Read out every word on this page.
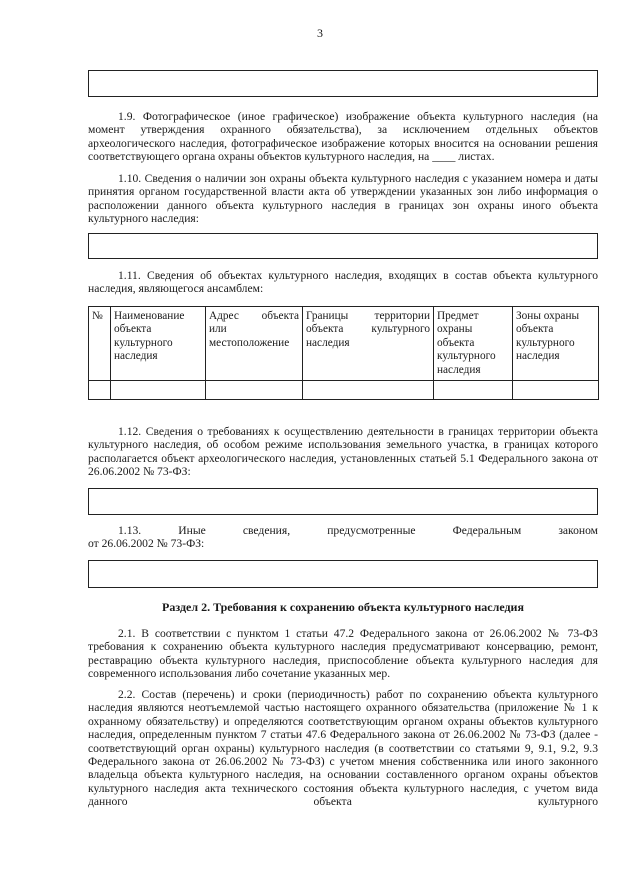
3

1.9. Фотографическое (иное графическое) изображение объекта культурного наследия (на момент утверждения охранного обязательства), за исключением отдельных объектов археологического наследия, фотографическое изображение которых вносится на основании решения соответствующего органа охраны объектов культурного наследия, на ____ листах.

1.10. Сведения о наличии зон охраны объекта культурного наследия с указанием номера и даты принятия органом государственной власти акта об утверждении указанных зон либо информация о расположении данного объекта культурного наследия в границах зон охраны иного объекта культурного наследия:

1.11. Сведения об объектах культурного наследия, входящих в состав объекта культурного наследия, являющегося ансамблем:

№	Наименование объекта культурного наследия	Адрес объекта или местоположение	Границы территории объекта культурного наследия	Предмет охраны объекта культурного наследия	Зоны охраны объекта культурного наследия

1.12. Сведения о требованиях к осуществлению деятельности в границах территории объекта культурного наследия, об особом режиме использования земельного участка, в границах которого располагается объект археологического наследия, установленных статьей 5.1 Федерального закона от 26.06.2002 № 73-ФЗ:

1.13. Иные сведения, предусмотренные Федеральным законом

от 26.06.2002 № 73-ФЗ:

Раздел 2. Требования к сохранению объекта культурного наследия

2.1. В соответствии с пунктом 1 статьи 47.2 Федерального закона от 26.06.2002 № 73-ФЗ требования к сохранению объекта культурного наследия предусматривают консервацию, ремонт, реставрацию объекта культурного наследия, приспособление объекта культурного наследия для современного использования либо сочетание указанных мер.

2.2. Состав (перечень) и сроки (периодичность) работ по сохранению объекта культурного наследия являются неотъемлемой частью настоящего охранного обязательства (приложение № 1 к охранному обязательству) и определяются соответствующим органом охраны объектов культурного наследия, определенным пунктом 7 статьи 47.6 Федерального закона от 26.06.2002 № 73-ФЗ (далее - соответствующий орган охраны) культурного наследия (в соответствии со статьями 9, 9.1, 9.2, 9.3 Федерального закона от 26.06.2002 № 73-ФЗ) с учетом мнения собственника или иного законного владельца объекта культурного наследия, на основании составленного органом охраны объектов культурного наследия акта технического состояния объекта культурного наследия, с учетом вида данного объекта культурного
